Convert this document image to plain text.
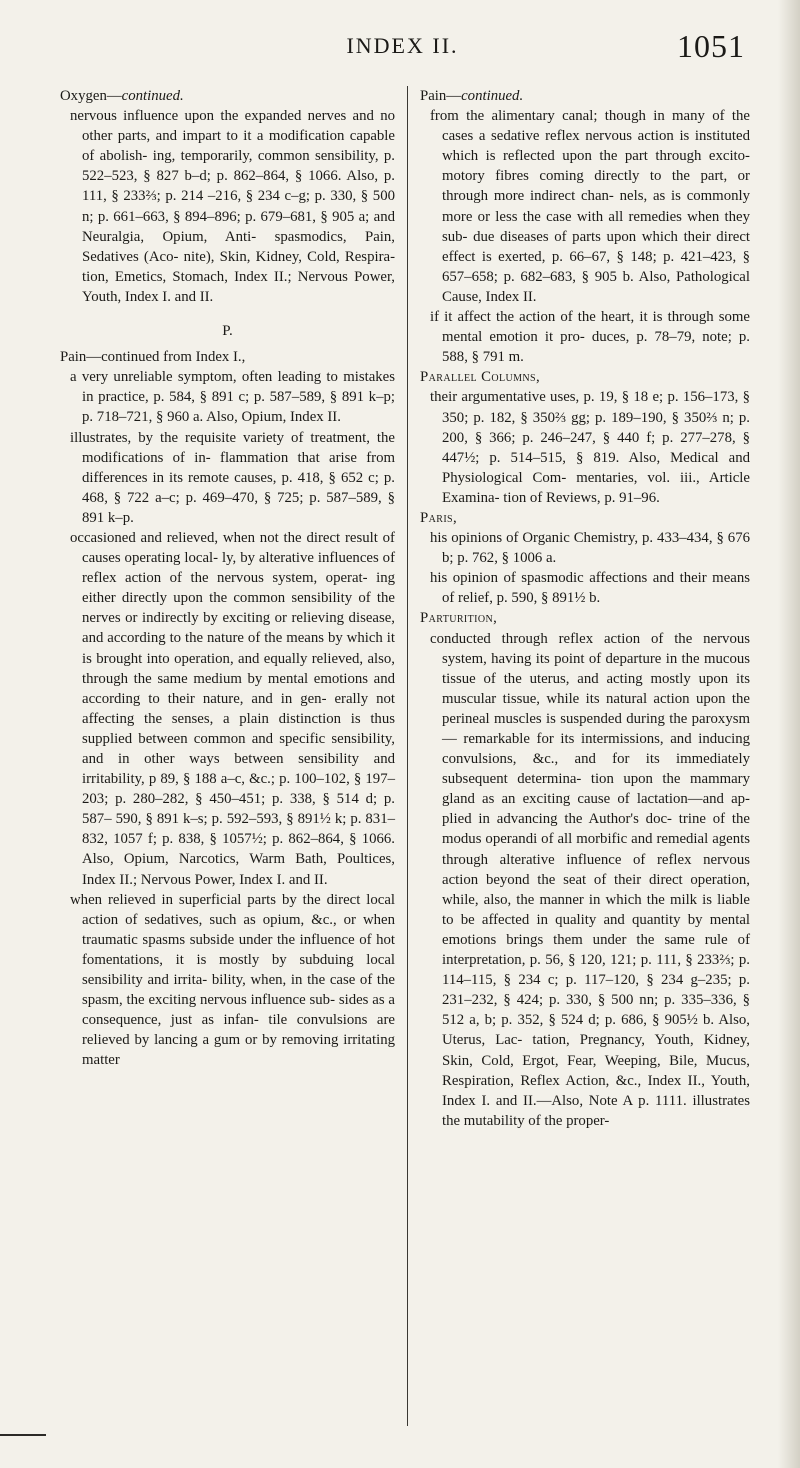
INDEX II.	1051

Oxygen—continued.

nervous influence upon the expanded nerves and no other parts, and impart to it a modification capable of abolish- ing, temporarily, common sensibility, p. 522–523, § 827 b–d; p. 862–864, § 1066. Also, p. 111, § 233⅔; p. 214 –216, § 234 c–g; p. 330, § 500 n; p. 661–663, § 894–896; p. 679–681, § 905 a; and Neuralgia, Opium, Anti- spasmodics, Pain, Sedatives (Aco- nite), Skin, Kidney, Cold, Respira- tion, Emetics, Stomach, Index II.; Nervous Power, Youth, Index I. and II.

P.

Pain—continued from Index I.,

a very unreliable symptom, often leading to mistakes in practice, p. 584, § 891 c; p. 587–589, § 891 k–p; p. 718–721, § 960 a. Also, Opium, Index II.

illustrates, by the requisite variety of treatment, the modifications of in- flammation that arise from differences in its remote causes, p. 418, § 652 c; p. 468, § 722 a–c; p. 469–470, § 725; p. 587–589, § 891 k–p.

occasioned and relieved, when not the direct result of causes operating local- ly, by alterative influences of reflex action of the nervous system, operat- ing either directly upon the common sensibility of the nerves or indirectly by exciting or relieving disease, and according to the nature of the means by which it is brought into operation, and equally relieved, also, through the same medium by mental emotions and according to their nature, and in gen- erally not affecting the senses, a plain distinction is thus supplied between common and specific sensibility, and in other ways between sensibility and irritability, p 89, § 188 a–c, &c.; p. 100–102, § 197–203; p. 280–282, § 450–451; p. 338, § 514 d; p. 587– 590, § 891 k–s; p. 592–593, § 891½ k; p. 831–832, 1057 f; p. 838, § 1057½; p. 862–864, § 1066. Also, Opium, Narcotics, Warm Bath, Poultices, Index II.; Nervous Power, Index I. and II.

when relieved in superficial parts by the direct local action of sedatives, such as opium, &c., or when traumatic spasms subside under the influence of hot fomentations, it is mostly by subduing local sensibility and irrita- bility, when, in the case of the spasm, the exciting nervous influence sub- sides as a consequence, just as infan- tile convulsions are relieved by lancing a gum or by removing irritating matter

Pain—continued.

from the alimentary canal; though in many of the cases a sedative reflex nervous action is instituted which is reflected upon the part through excito- motory fibres coming directly to the part, or through more indirect chan- nels, as is commonly more or less the case with all remedies when they sub- due diseases of parts upon which their direct effect is exerted, p. 66–67, § 148; p. 421–423, § 657–658; p. 682–683, § 905 b. Also, Pathological Cause, Index II.

if it affect the action of the heart, it is through some mental emotion it pro- duces, p. 78–79, note; p. 588, § 791 m.

Parallel Columns,

their argumentative uses, p. 19, § 18 e; p. 156–173, § 350; p. 182, § 350⅔ gg; p. 189–190, § 350⅔ n; p. 200, § 366; p. 246–247, § 440 f; p. 277–278, § 447½; p. 514–515, § 819. Also, Medical and Physiological Com- mentaries, vol. iii., Article Examina- tion of Reviews, p. 91–96.

Paris,

his opinions of Organic Chemistry, p. 433–434, § 676 b; p. 762, § 1006 a.

his opinion of spasmodic affections and their means of relief, p. 590, § 891½ b.

Parturition,

conducted through reflex action of the nervous system, having its point of departure in the mucous tissue of the uterus, and acting mostly upon its muscular tissue, while its natural action upon the perineal muscles is suspended during the paroxysm— remarkable for its intermissions, and inducing convulsions, &c., and for its immediately subsequent determina- tion upon the mammary gland as an exciting cause of lactation—and ap- plied in advancing the Author's doc- trine of the modus operandi of all morbific and remedial agents through alterative influence of reflex nervous action beyond the seat of their direct operation, while, also, the manner in which the milk is liable to be affected in quality and quantity by mental emotions brings them under the same rule of interpretation, p. 56, § 120, 121; p. 111, § 233⅔; p. 114–115, § 234 c; p. 117–120, § 234 g–235; p. 231–232, § 424; p. 330, § 500 nn; p. 335–336, § 512 a, b; p. 352, § 524 d; p. 686, § 905½ b. Also, Uterus, Lac- tation, Pregnancy, Youth, Kidney, Skin, Cold, Ergot, Fear, Weeping, Bile, Mucus, Respiration, Reflex Action, &c., Index II., Youth, Index I. and II.—Also, Note A p. 1111. illustrates the mutability of the proper-
